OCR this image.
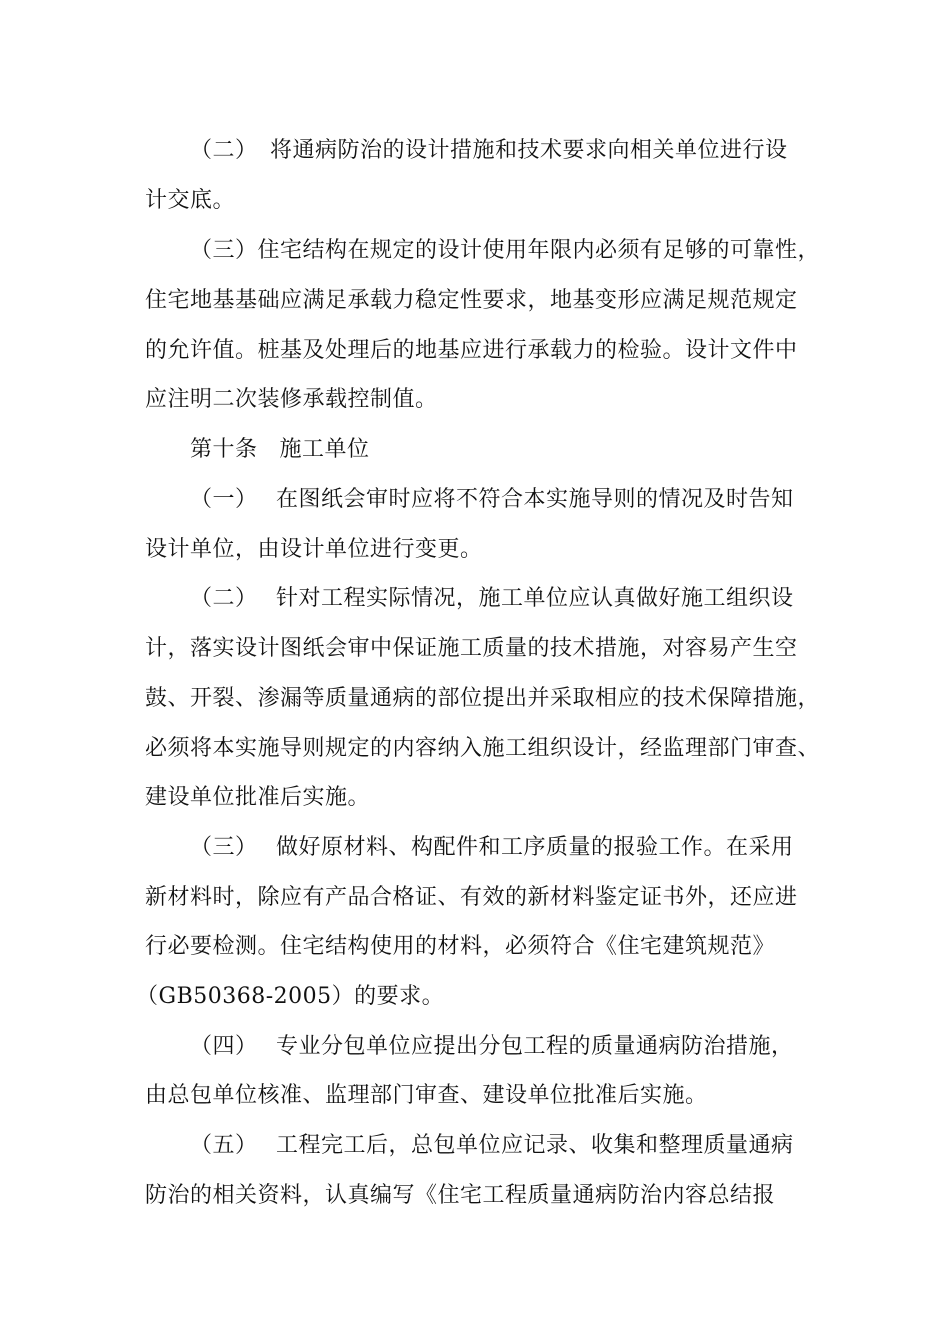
（二） 将通病防治的设计措施和技术要求向相关单位进行设
计交底。
（三）住宅结构在规定的设计使用年限内必须有足够的可靠性，
住宅地基基础应满足承载力稳定性要求，地基变形应满足规范规定
的允许值。桩基及处理后的地基应进行承载力的检验。设计文件中
应注明二次装修承载控制值。
第十条 施工单位
（一） 在图纸会审时应将不符合本实施导则的情况及时告知
设计单位，由设计单位进行变更。
（二） 针对工程实际情况，施工单位应认真做好施工组织设
计，落实设计图纸会审中保证施工质量的技术措施，对容易产生空
鼓、开裂、渗漏等质量通病的部位提出并采取相应的技术保障措施，
必须将本实施导则规定的内容纳入施工组织设计，经监理部门审查、
建设单位批准后实施。
（三） 做好原材料、构配件和工序质量的报验工作。在采用
新材料时，除应有产品合格证、有效的新材料鉴定证书外，还应进
行必要检测。住宅结构使用的材料，必须符合《住宅建筑规范》
（GB50368-2005）的要求。
（四） 专业分包单位应提出分包工程的质量通病防治措施，
由总包单位核准、监理部门审查、建设单位批准后实施。
（五） 工程完工后，总包单位应记录、收集和整理质量通病
防治的相关资料，认真编写《住宅工程质量通病防治内容总结报
